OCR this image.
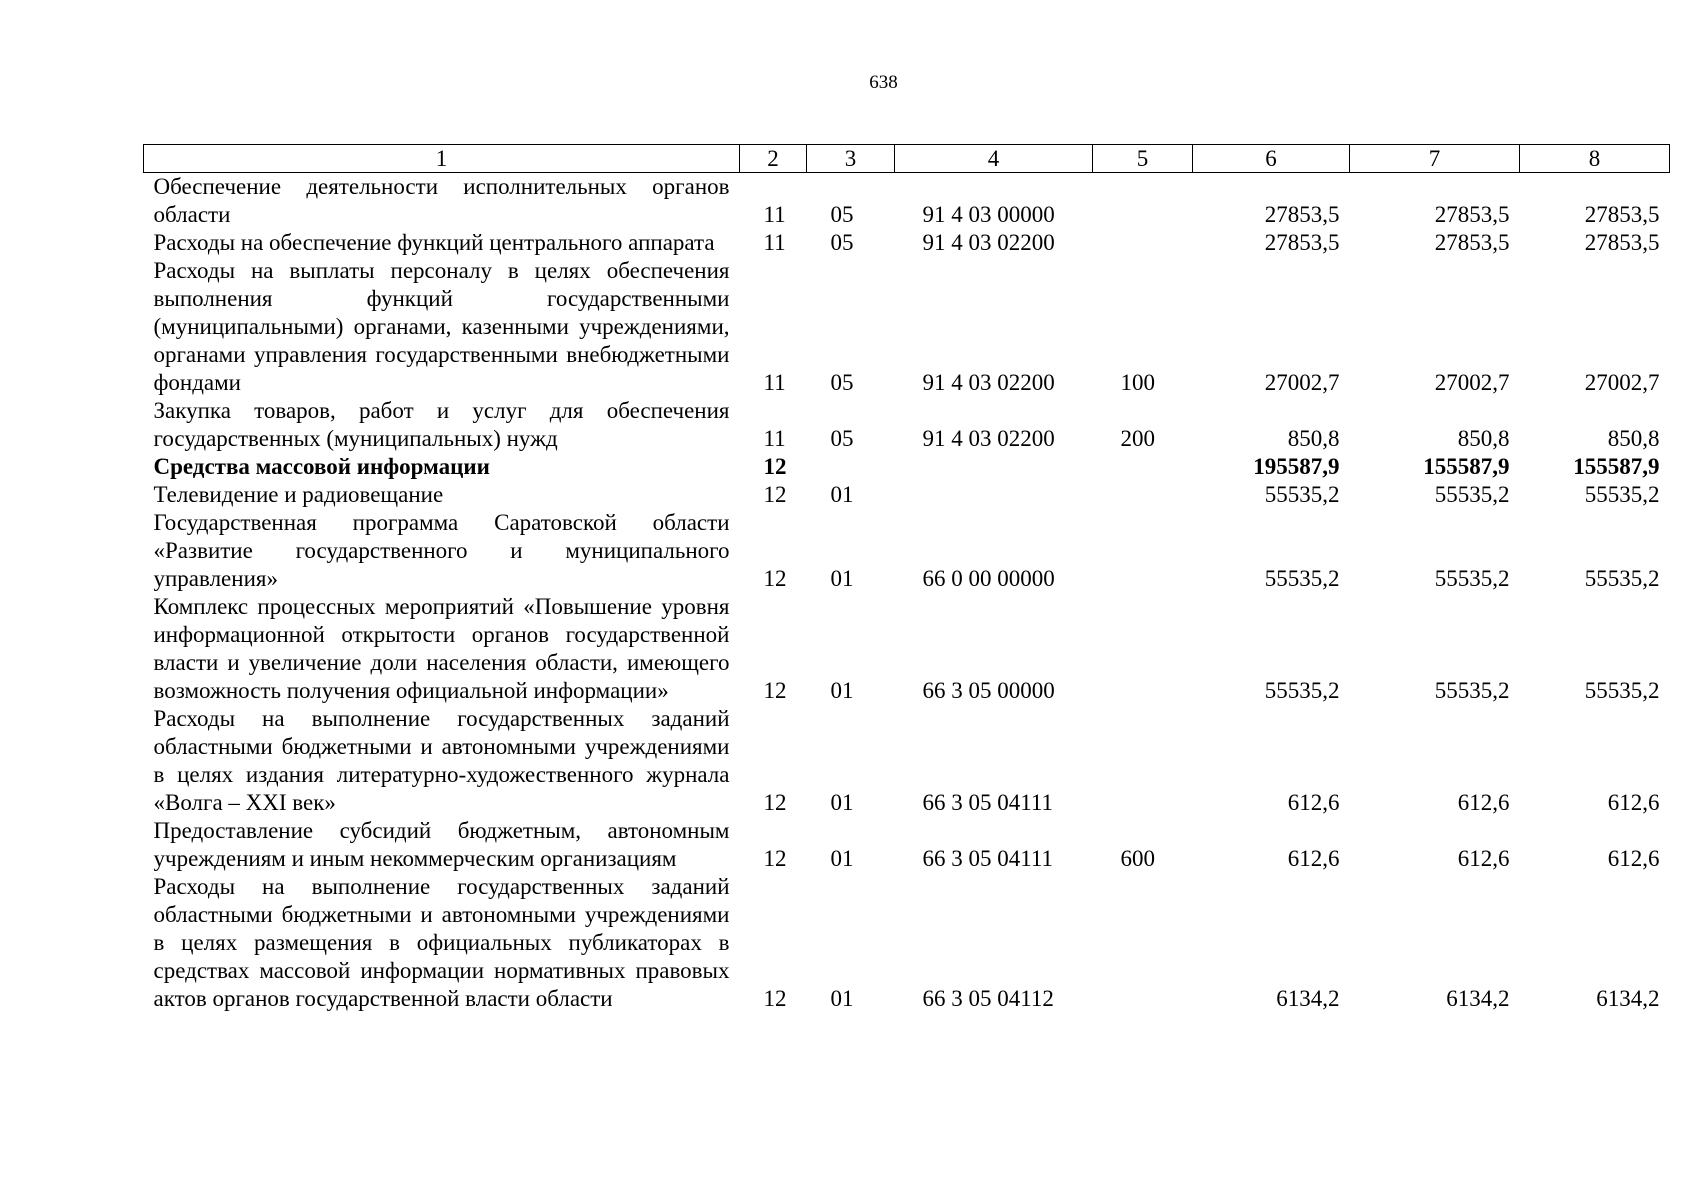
638
1	2	3	4	5	6	7	8
Обеспечение деятельности исполнительных органов области	11	05	91 4 03 00000		27853,5	27853,5	27853,5
Расходы на обеспечение функций центрального аппарата	11	05	91 4 03 02200		27853,5	27853,5	27853,5
Расходы на выплаты персоналу в целях обеспечения выполнения функций государственными (муниципальными) органами, казенными учреждениями, органами управления государственными внебюджетными фондами	11	05	91 4 03 02200	100	27002,7	27002,7	27002,7
Закупка товаров, работ и услуг для обеспечения государственных (муниципальных) нужд	11	05	91 4 03 02200	200	850,8	850,8	850,8
Средства массовой информации	12				195587,9	155587,9	155587,9
Телевидение и радиовещание	12	01			55535,2	55535,2	55535,2
Государственная программа Саратовской области «Развитие государственного и муниципального управления»	12	01	66 0 00 00000		55535,2	55535,2	55535,2
Комплекс процессных мероприятий «Повышение уровня информационной открытости органов государственной власти и увеличение доли населения области, имеющего возможность получения официальной информации»	12	01	66 3 05 00000		55535,2	55535,2	55535,2
Расходы на выполнение государственных заданий областными бюджетными и автономными учреждениями в целях издания литературно-художественного журнала «Волга – XXI век»	12	01	66 3 05 04111		612,6	612,6	612,6
Предоставление субсидий бюджетным, автономным учреждениям и иным некоммерческим организациям	12	01	66 3 05 04111	600	612,6	612,6	612,6
Расходы на выполнение государственных заданий областными бюджетными и автономными учреждениями в целях размещения в официальных публикаторах в средствах массовой информации нормативных правовых актов органов государственной власти области	12	01	66 3 05 04112		6134,2	6134,2	6134,2
